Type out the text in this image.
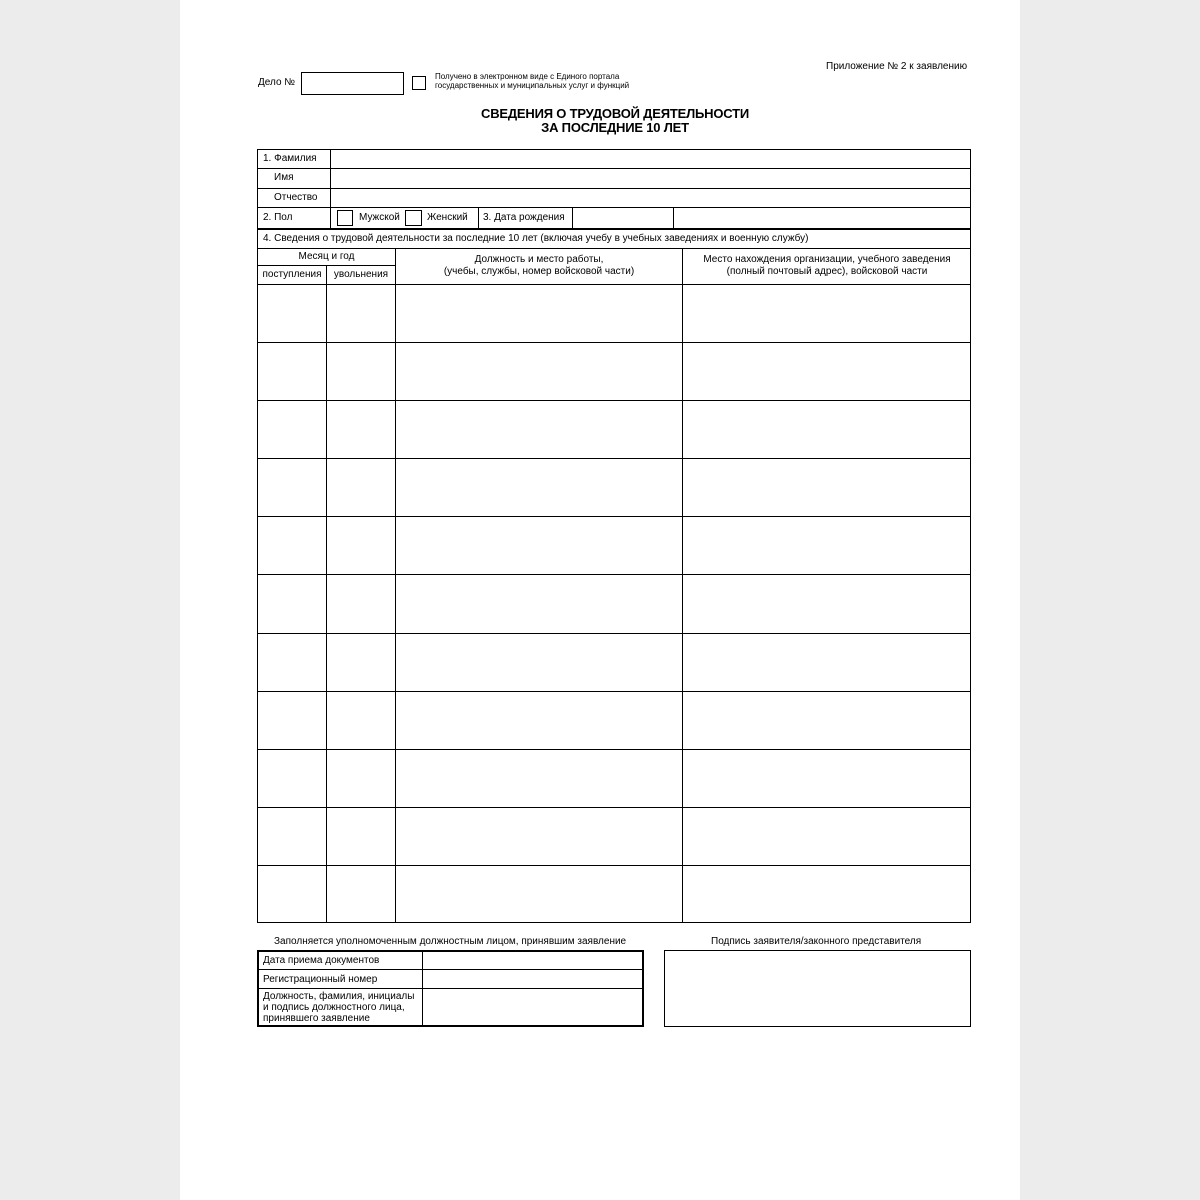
Приложение № 2 к заявлению
Дело №
Получено в электронном виде с Единого портала
государственных и муниципальных услуг и функций
СВЕДЕНИЯ О ТРУДОВОЙ ДЕЯТЕЛЬНОСТИ
ЗА ПОСЛЕДНИЕ 10 ЛЕТ
1. Фамилия
Имя
Отчество
2. Пол	Мужской	Женский 3. Дата рождения
4. Сведения о трудовой деятельности за последние 10 лет (включая учебу в учебных заведениях и военную службу)
Месяц и год
поступления	увольнения
Должность и место работы,
(учебы, службы, номер войсковой части)
Место нахождения организации, учебного заведения
(полный почтовый адрес), войсковой части
Заполняется уполномоченным должностным лицом, принявшим заявление
Дата приема документов
Регистрационный номер
Должность, фамилия, инициалы
и подпись должностного лица,
принявшего заявление
Подпись заявителя/законного представителя
